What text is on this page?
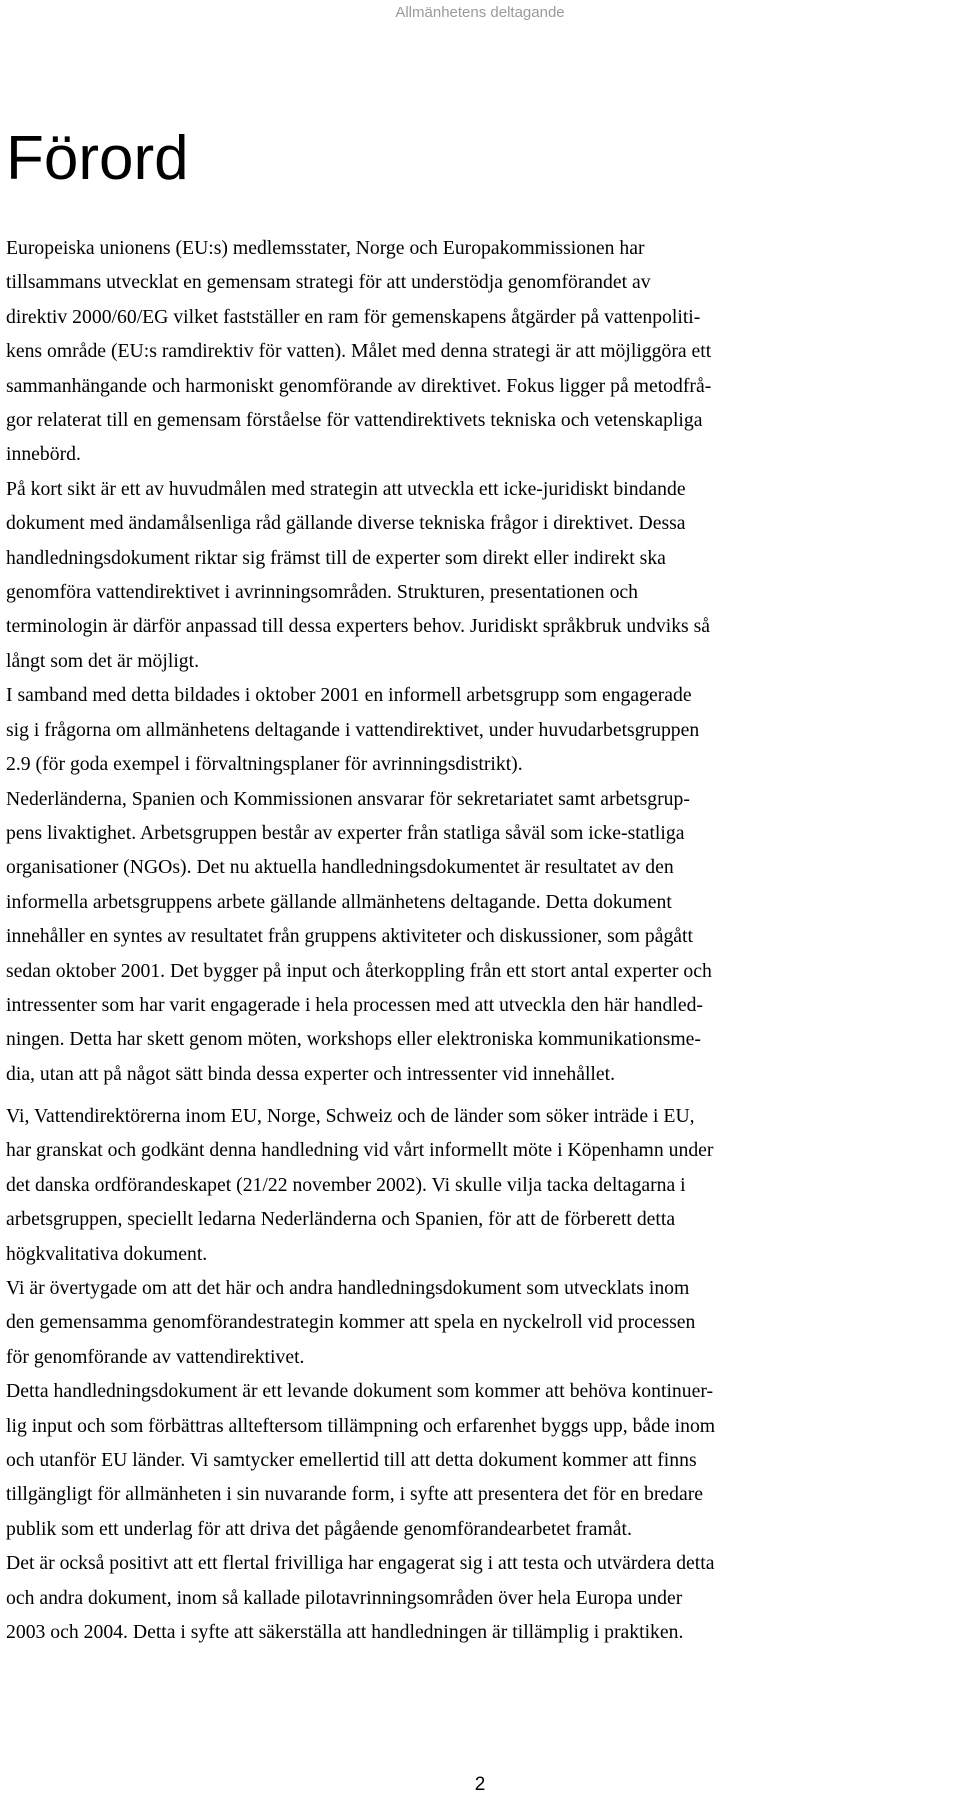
Allmänhetens deltagande
Förord

Europeiska unionens (EU:s) medlemsstater, Norge och Europakommissionen har
tillsammans utvecklat en gemensam strategi för att understödja genomförandet av
direktiv 2000/60/EG vilket fastställer en ram för gemenskapens åtgärder på vattenpoliti-
kens område (EU:s ramdirektiv för vatten). Målet med denna strategi är att möjliggöra ett
sammanhängande och harmoniskt genomförande av direktivet. Fokus ligger på metodfrå-
gor relaterat till en gemensam förståelse för vattendirektivets tekniska och vetenskapliga
innebörd.

På kort sikt är ett av huvudmålen med strategin att utveckla ett icke-juridiskt bindande
dokument med ändamålsenliga råd gällande diverse tekniska frågor i direktivet. Dessa
handledningsdokument riktar sig främst till de experter som direkt eller indirekt ska
genomföra vattendirektivet i avrinningsområden. Strukturen, presentationen och
terminologin är därför anpassad till dessa experters behov. Juridiskt språkbruk undviks så
långt som det är möjligt.

I samband med detta bildades i oktober 2001 en informell arbetsgrupp som engagerade
sig i frågorna om allmänhetens deltagande i vattendirektivet, under huvudarbetsgruppen
2.9 (för goda exempel i förvaltningsplaner för avrinningsdistrikt).

Nederländerna, Spanien och Kommissionen ansvarar för sekretariatet samt arbetsgrup-
pens livaktighet. Arbetsgruppen består av experter från statliga såväl som icke-statliga
organisationer (NGOs). Det nu aktuella handledningsdokumentet är resultatet av den
informella arbetsgruppens arbete gällande allmänhetens deltagande. Detta dokument
innehåller en syntes av resultatet från gruppens aktiviteter och diskussioner, som pågått
sedan oktober 2001. Det bygger på input och återkoppling från ett stort antal experter och
intressenter som har varit engagerade i hela processen med att utveckla den här handled-
ningen. Detta har skett genom möten, workshops eller elektroniska kommunikationsme-
dia, utan att på något sätt binda dessa experter och intressenter vid innehållet.

Vi, Vattendirektörerna inom EU, Norge, Schweiz och de länder som söker inträde i EU,
har granskat och godkänt denna handledning vid vårt informellt möte i Köpenhamn under
det danska ordförandeskapet (21/22 november 2002). Vi skulle vilja tacka deltagarna i
arbetsgruppen, speciellt ledarna Nederländerna och Spanien, för att de förberett detta
högkvalitativa dokument.

Vi är övertygade om att det här och andra handledningsdokument som utvecklats inom
den gemensamma genomförandestrategin kommer att spela en nyckelroll vid processen
för genomförande av vattendirektivet.

Detta handledningsdokument är ett levande dokument som kommer att behöva kontinuer-
lig input och som förbättras allteftersom tillämpning och erfarenhet byggs upp, både inom
och utanför EU länder. Vi samtycker emellertid till att detta dokument kommer att finns
tillgängligt för allmänheten i sin nuvarande form, i syfte att presentera det för en bredare
publik som ett underlag för att driva det pågående genomförandearbetet framåt.

Det är också positivt att ett flertal frivilliga har engagerat sig i att testa och utvärdera detta
och andra dokument, inom så kallade pilotavrinningsområden över hela Europa under
2003 och 2004. Detta i syfte att säkerställa att handledningen är tillämplig i praktiken.

2
